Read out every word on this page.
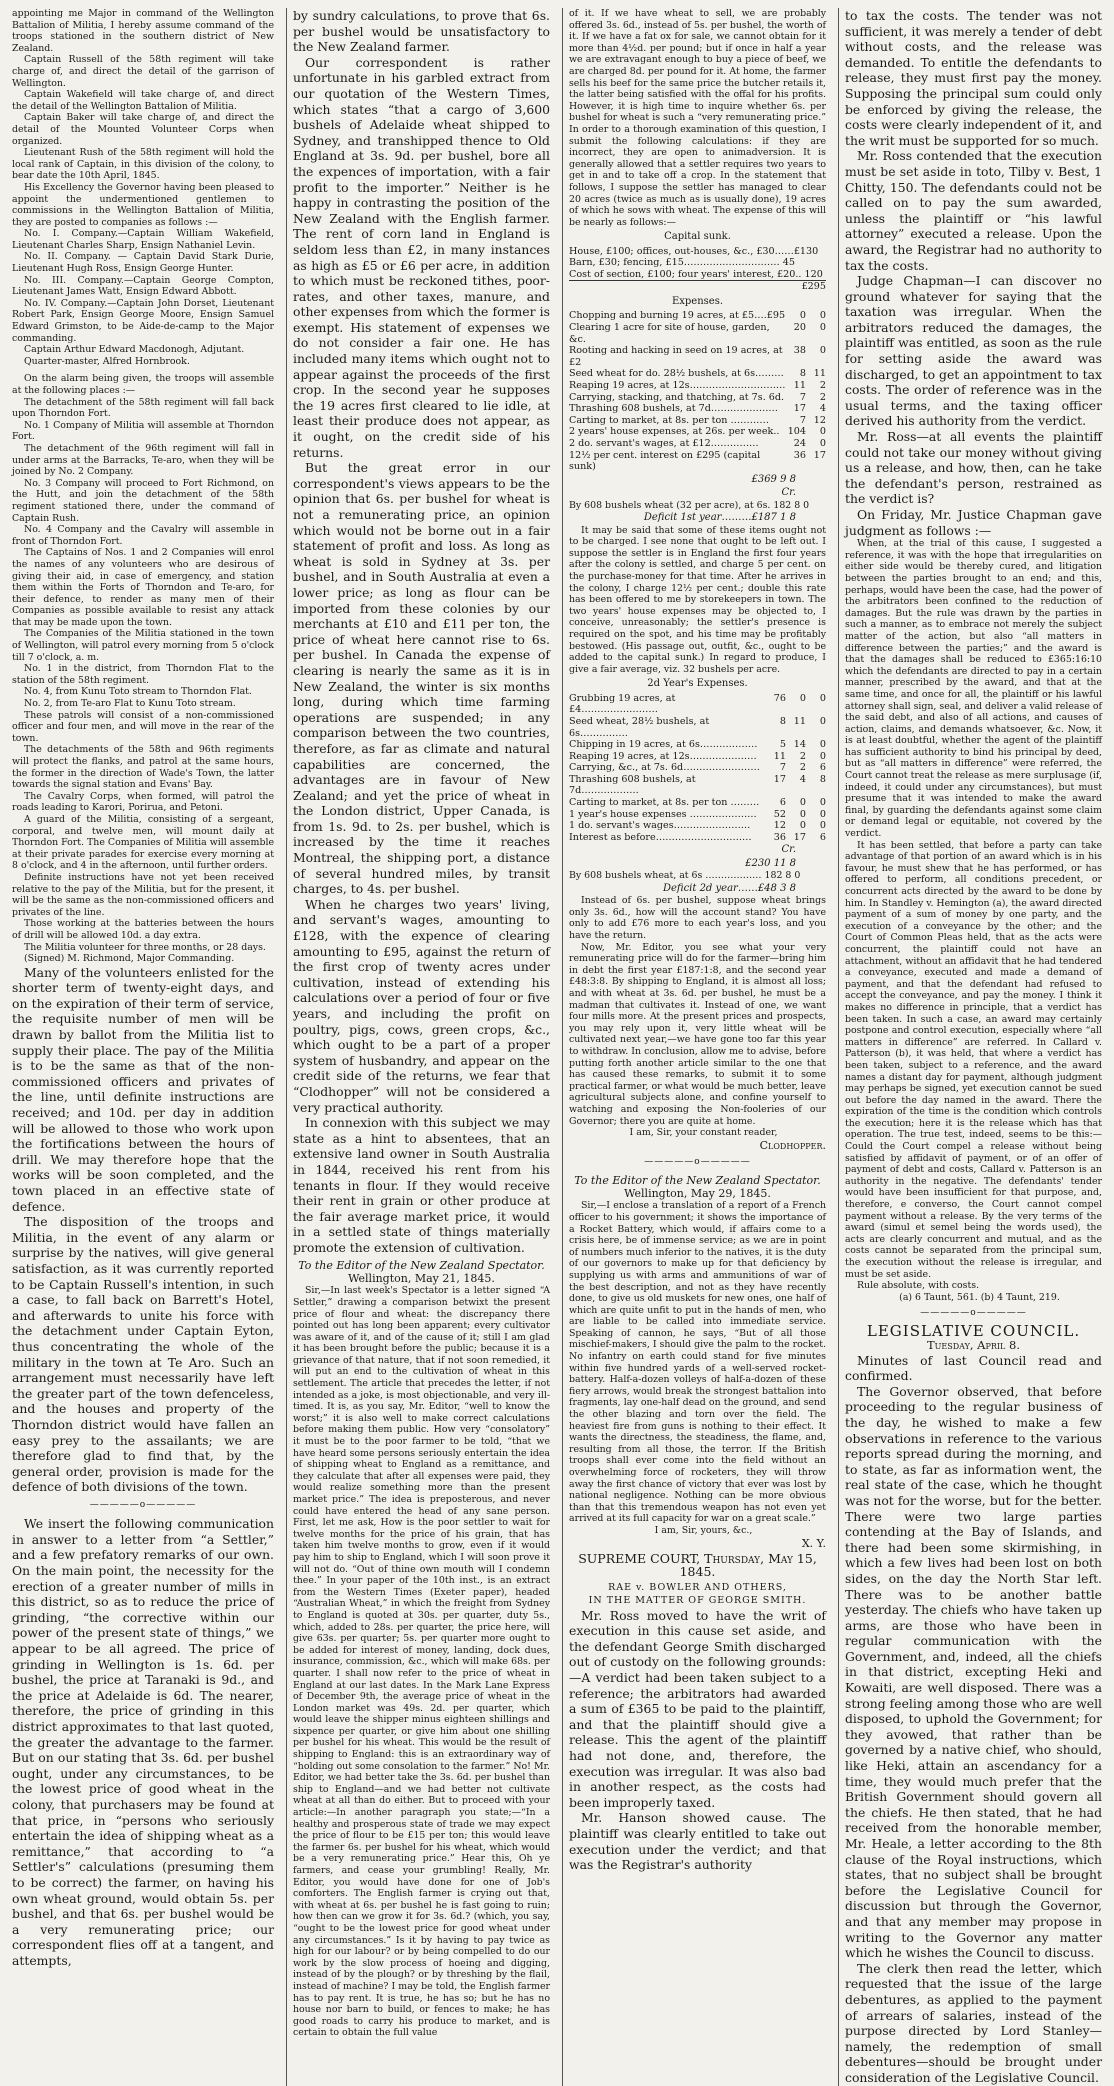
appointing me Major in command of the Wellington Battalion of Militia, I hereby assume command of the troops stationed in the southern district of New Zealand.

Captain Russell of the 58th regiment will take charge of, and direct the detail of the garrison of Wellington.

Captain Wakefield will take charge of, and direct the detail of the Wellington Battalion of Militia.

Captain Baker will take charge of, and direct the detail of the Mounted Volunteer Corps when organized.

Lieutenant Rush of the 58th regiment will hold the local rank of Captain, in this division of the colony, to bear date the 10th April, 1845.

His Excellency the Governor having been pleased to appoint the undermentioned gentlemen to commissions in the Wellington Battalion of Militia, they are posted to companies as follows :—

No. I. Company.—Captain William Wakefield, Lieutenant Charles Sharp, Ensign Nathaniel Levin.

No. II. Company. — Captain David Stark Durie, Lieutenant Hugh Ross, Ensign George Hunter.

No. III. Company.—Captain George Compton, Lieutenant James Watt, Ensign Edward Abbott.

No. IV. Company.—Captain John Dorset, Lieutenant Robert Park, Ensign George Moore, Ensign Samuel Edward Grimston, to be Aide-de-camp to the Major commanding.

Captain Arthur Edward Macdonogh, Adjutant.

Quarter-master, Alfred Hornbrook.

On the alarm being given, the troops will assemble at the following places :—

The detachment of the 58th regiment will fall back upon Thorndon Fort.

No. 1 Company of Militia will assemble at Thorndon Fort.

The detachment of the 96th regiment will fall in under arms at the Barracks, Te-aro, when they will be joined by No. 2 Company.

No. 3 Company will proceed to Fort Richmond, on the Hutt, and join the detachment of the 58th regiment stationed there, under the command of Captain Rush.

No. 4 Company and the Cavalry will assemble in front of Thorndon Fort.

The Captains of Nos. 1 and 2 Companies will enrol the names of any volunteers who are desirous of giving their aid, in case of emergency, and station them within the Forts of Thorndon and Te-aro, for their defence, to render as many men of their Companies as possible available to resist any attack that may be made upon the town.

The Companies of the Militia stationed in the town of Wellington, will patrol every morning from 5 o'clock till 7 o'clock, a. m.

No. 1 in the district, from Thorndon Flat to the station of the 58th regiment.

No. 4, from Kunu Toto stream to Thorndon Flat.

No. 2, from Te-aro Flat to Kunu Toto stream.

These patrols will consist of a non-commissioned officer and four men, and will move in the rear of the town.

The detachments of the 58th and 96th regiments will protect the flanks, and patrol at the same hours, the former in the direction of Wade's Town, the latter towards the signal station and Evans' Bay.

The Cavalry Corps, when formed, will patrol the roads leading to Karori, Porirua, and Petoni.

A guard of the Militia, consisting of a sergeant, corporal, and twelve men, will mount daily at Thorndon Fort. The Companies of Militia will assemble at their private parades for exercise every morning at 8 o'clock, and 4 in the afternoon, until further orders.

Definite instructions have not yet been received relative to the pay of the Militia, but for the present, it will be the same as the non-commissioned officers and privates of the line.

Those working at the batteries between the hours of drill will be allowed 10d. a day extra.

The Militia volunteer for three months, or 28 days.

(Signed) M. Richmond, Major Commanding.

Many of the volunteers enlisted for the shorter term of twenty-eight days, and on the expiration of their term of service, the requisite number of men will be drawn by ballot from the Militia list to supply their place. The pay of the Militia is to be the same as that of the non-commissioned officers and privates of the line, until definite instructions are received; and 10d. per day in addition will be allowed to those who work upon the fortifications between the hours of drill. We may therefore hope that the works will be soon completed, and the town placed in an effective state of defence.

The disposition of the troops and Militia, in the event of any alarm or surprise by the natives, will give general satisfaction, as it was currently reported to be Captain Russell's intention, in such a case, to fall back on Barrett's Hotel, and afterwards to unite his force with the detachment under Captain Eyton, thus concentrating the whole of the military in the town at Te Aro. Such an arrangement must necessarily have left the greater part of the town defenceless, and the houses and property of the Thorndon district would have fallen an easy prey to the assailants; we are therefore glad to find that, by the general order, provision is made for the defence of both divisions of the town.

—————o—————

We insert the following communication in answer to a letter from “a Settler,” and a few prefatory remarks of our own. On the main point, the necessity for the erection of a greater number of mills in this district, so as to reduce the price of grinding, “the corrective within our power of the present state of things,” we appear to be all agreed. The price of grinding in Wellington is 1s. 6d. per bushel, the price at Taranaki is 9d., and the price at Adelaide is 6d. The nearer, therefore, the price of grinding in this district approximates to that last quoted, the greater the advantage to the farmer. But on our stating that 3s. 6d. per bushel ought, under any circumstances, to be the lowest price of good wheat in the colony, that purchasers may be found at that price, in “persons who seriously entertain the idea of shipping wheat as a remittance,” that according to “a Settler's” calculations (presuming them to be correct) the farmer, on having his own wheat ground, would obtain 5s. per bushel, and that 6s. per bushel would be a very remunerating price; our correspondent flies off at a tangent, and attempts,

by sundry calculations, to prove that 6s. per bushel would be unsatisfactory to the New Zealand farmer.

Our correspondent is rather unfortunate in his garbled extract from our quotation of the Western Times, which states “that a cargo of 3,600 bushels of Adelaide wheat shipped to Sydney, and transhipped thence to Old England at 3s. 9d. per bushel, bore all the expences of importation, with a fair profit to the importer.” Neither is he happy in contrasting the position of the New Zealand with the English farmer. The rent of corn land in England is seldom less than £2, in many instances as high as £5 or £6 per acre, in addition to which must be reckoned tithes, poor-rates, and other taxes, manure, and other expenses from which the former is exempt. His statement of expenses we do not consider a fair one. He has included many items which ought not to appear against the proceeds of the first crop. In the second year he supposes the 19 acres first cleared to lie idle, at least their produce does not appear, as it ought, on the credit side of his returns.

But the great error in our correspondent's views appears to be the opinion that 6s. per bushel for wheat is not a remunerating price, an opinion which would not be borne out in a fair statement of profit and loss. As long as wheat is sold in Sydney at 3s. per bushel, and in South Australia at even a lower price; as long as flour can be imported from these colonies by our merchants at £10 and £11 per ton, the price of wheat here cannot rise to 6s. per bushel. In Canada the expense of clearing is nearly the same as it is in New Zealand, the winter is six months long, during which time farming operations are suspended; in any comparison between the two countries, therefore, as far as climate and natural capabilities are concerned, the advantages are in favour of New Zealand; and yet the price of wheat in the London district, Upper Canada, is from 1s. 9d. to 2s. per bushel, which is increased by the time it reaches Montreal, the shipping port, a distance of several hundred miles, by transit charges, to 4s. per bushel.

When he charges two years' living, and servant's wages, amounting to £128, with the expence of clearing amounting to £95, against the return of the first crop of twenty acres under cultivation, instead of extending his calculations over a period of four or five years, and including the profit on poultry, pigs, cows, green crops, &c., which ought to be a part of a proper system of husbandry, and appear on the credit side of the returns, we fear that “Clodhopper” will not be considered a very practical authority.

In connexion with this subject we may state as a hint to absentees, that an extensive land owner in South Australia in 1844, received his rent from his tenants in flour. If they would receive their rent in grain or other produce at the fair average market price, it would in a settled state of things materially promote the extension of cultivation.

To the Editor of the New Zealand Spectator.

Wellington, May 21, 1845.

Sir,—In last week's Spectator is a letter signed “A Settler,” drawing a comparison betwixt the present price of flour and wheat: the discrepancy there pointed out has long been apparent; every cultivator was aware of it, and of the cause of it; still I am glad it has been brought before the public; because it is a grievance of that nature, that if not soon remedied, it will put an end to the cultivation of wheat in this settlement. The article that precedes the letter, if not intended as a joke, is most objectionable, and very ill-timed. It is, as you say, Mr. Editor, “well to know the worst;” it is also well to make correct calculations before making them public. How very “consolatory” it must be to the poor farmer to be told, “that we have heard some persons seriously entertain the idea of shipping wheat to England as a remittance, and they calculate that after all expenses were paid, they would realize something more than the present market price.” The idea is preposterous, and never could have entered the head of any sane person. First, let me ask, How is the poor settler to wait for twelve months for the price of his grain, that has taken him twelve months to grow, even if it would pay him to ship to England, which I will soon prove it will not do. “Out of thine own mouth will I condemn thee.” In your paper of the 10th inst., is an extract from the Western Times (Exeter paper), headed “Australian Wheat,” in which the freight from Sydney to England is quoted at 30s. per quarter, duty 5s., which, added to 28s. per quarter, the price here, will give 63s. per quarter; 5s. per quarter more ought to be added for interest of money, landing, dock dues, insurance, commission, &c., which will make 68s. per quarter. I shall now refer to the price of wheat in England at our last dates. In the Mark Lane Express of December 9th, the average price of wheat in the London market was 49s. 2d. per quarter, which would leave the shipper minus eighteen shillings and sixpence per quarter, or give him about one shilling per bushel for his wheat. This would be the result of shipping to England: this is an extraordinary way of “holding out some consolation to the farmer.” No! Mr. Editor, we had better take the 3s. 6d. per bushel than ship to England—and we had better not cultivate wheat at all than do either. But to proceed with your article:—In another paragraph you state;—“In a healthy and prosperous state of trade we may expect the price of flour to be £15 per ton; this would leave the farmer 6s. per bushel for his wheat, which would be a very remunerating price.” Hear this, Oh ye farmers, and cease your grumbling! Really, Mr. Editor, you would have done for one of Job's comforters. The English farmer is crying out that, with wheat at 6s. per bushel he is fast going to ruin; how then can we grow it for 3s. 6d.? (which, you say, “ought to be the lowest price for good wheat under any circumstances.” Is it by having to pay twice as high for our labour? or by being compelled to do our work by the slow process of hoeing and digging, instead of by the plough? or by threshing by the flail, instead of machine? I may be told, the English farmer has to pay rent. It is true, he has so; but he has no house nor barn to build, or fences to make; he has good roads to carry his produce to market, and is certain to obtain the full value

of it. If we have wheat to sell, we are probably offered 3s. 6d., instead of 5s. per bushel, the worth of it. If we have a fat ox for sale, we cannot obtain for it more than 4½d. per pound; but if once in half a year we are extravagant enough to buy a piece of beef, we are charged 8d. per pound for it. At home, the farmer sells his beef for the same price the butcher retails it, the latter being satisfied with the offal for his profits. However, it is high time to inquire whether 6s. per bushel for wheat is such a “very remunerating price.” In order to a thorough examination of this question, I submit the following calculations: if they are incorrect, they are open to animadversion. It is generally allowed that a settler requires two years to get in and to take off a crop. In the statement that follows, I suppose the settler has managed to clear 20 acres (twice as much as is usually done), 19 acres of which he sows with wheat. The expense of this will be nearly as follows:—

Capital sunk.
House, £100; offices, out-houses, &c., £30……£130
Barn, £30; fencing, £15………………………… 45
Cost of section, £100; four years' interest, £20.. 120
£295
Expenses.
Chopping and burning 19 acres, at £5….£95	0	0
Clearing 1 acre for site of house, garden, &c.	20	0
Rooting and hacking in seed on 19 acres, at £2	38	0
Seed wheat for do. 28½ bushels, at 6s………	8	11
Reaping 19 acres, at 12s…………………………	11	2
Carrying, stacking, and thatching, at 7s. 6d.	7	2
Thrashing 608 bushels, at 7d…………………	17	4
Carting to market, at 8s. per ton …………	7	12
2 years' house expenses, at 26s. per week..	104	0
2 do. servant's wages, at £12……………	24	0
12½ per cent. interest on £295 (capital sunk)	36	17
£369 9 8
Cr.

By 608 bushels wheat (32 per acre), at 6s. 182 8 0

Deficit 1st year………£187 1 8

It may be said that some of these items ought not to be charged. I see none that ought to be left out. I suppose the settler is in England the first four years after the colony is settled, and charge 5 per cent. on the purchase-money for that time. After he arrives in the colony, I charge 12½ per cent.; double this rate has been offered to me by storekeepers in town. The two years' house expenses may be objected to, I conceive, unreasonably; the settler's presence is required on the spot, and his time may be profitably bestowed. (His passage out, outfit, &c., ought to be added to the capital sunk.) In regard to produce, I give a fair average, viz. 32 bushels per acre.

2d Year's Expenses.
Grubbing 19 acres, at £4……………………	76	0	0
Seed wheat, 28½ bushels, at 6s……………	8	11	0
Chipping in 19 acres, at 6s………………	5	14	0
Reaping 19 acres, at 12s…………………	11	2	0
Carrying, &c., at 7s. 6d……………………	7	2	6
Thrashing 608 bushels, at 7d………………	17	4	8
Carting to market, at 8s. per ton ………	6	0	0
1 year's house expenses …………………	52	0	0
1 do. servant's wages……………………	12	0	0
Interest as before…………………………	36	17	6
Cr.
£230 11 8

By 608 bushels wheat, at 6s ……………… 182 8 0

Deficit 2d year……£48 3 8

Instead of 6s. per bushel, suppose wheat brings only 3s. 6d., how will the account stand? You have only to add £76 more to each year's loss, and you have the return.

Now, Mr. Editor, you see what your very remunerating price will do for the farmer—bring him in debt the first year £187:1:8, and the second year £48:3:8. By shipping to England, it is almost all loss; and with wheat at 3s. 6d. per bushel, he must be a madman that cultivates it. Instead of one, we want four mills more. At the present prices and prospects, you may rely upon it, very little wheat will be cultivated next year,—we have gone too far this year to withdraw. In conclusion, allow me to advise, before putting forth another article similar to the one that has caused these remarks, to submit it to some practical farmer, or what would be much better, leave agricultural subjects alone, and confine yourself to watching and exposing the Non-fooleries of our Governor; there you are quite at home.

I am, Sir, your constant reader,

Clodhopper.

—————o—————

To the Editor of the New Zealand Spectator.

Wellington, May 29, 1845.

Sir,—I enclose a translation of a report of a French officer to his government; it shows the importance of a Rocket Battery, which would, if affairs come to a crisis here, be of immense service; as we are in point of numbers much inferior to the natives, it is the duty of our governors to make up for that deficiency by supplying us with arms and ammunitions of war of the best description, and not as they have recently done, to give us old muskets for new ones, one half of which are quite unfit to put in the hands of men, who are liable to be called into immediate service. Speaking of cannon, he says, “But of all those mischief-makers, I should give the palm to the rocket. No infantry on earth could stand for five minutes within five hundred yards of a well-served rocket-battery. Half-a-dozen volleys of half-a-dozen of these fiery arrows, would break the strongest battalion into fragments, lay one-half dead on the ground, and send the other blazing and torn over the field. The heaviest fire from guns is nothing to their effect. It wants the directness, the steadiness, the flame, and, resulting from all those, the terror. If the British troops shall ever come into the field without an overwhelming force of rocketers, they will throw away the first chance of victory that ever was lost by national negligence. Nothing can be more obvious than that this tremendous weapon has not even yet arrived at its full capacity for war on a great scale.”

I am, Sir, yours, &c.,

X. Y.

SUPREME COURT, Thursday, May 15, 1845.
RAE v. BOWLER AND OTHERS,
IN THE MATTER OF GEORGE SMITH.

Mr. Ross moved to have the writ of execution in this cause set aside, and the defendant George Smith discharged out of custody on the following grounds:—A verdict had been taken subject to a reference; the arbitrators had awarded a sum of £365 to be paid to the plaintiff, and that the plaintiff should give a release. This the agent of the plaintiff had not done, and, therefore, the execution was irregular. It was also bad in another respect, as the costs had been improperly taxed.

Mr. Hanson showed cause. The plaintiff was clearly entitled to take out execution under the verdict; and that was the Registrar's authority

to tax the costs. The tender was not sufficient, it was merely a tender of debt without costs, and the release was demanded. To entitle the defendants to release, they must first pay the money. Supposing the principal sum could only be enforced by giving the release, the costs were clearly independent of it, and the writ must be supported for so much.

Mr. Ross contended that the execution must be set aside in toto, Tilby v. Best, 1 Chitty, 150. The defendants could not be called on to pay the sum awarded, unless the plaintiff or “his lawful attorney” executed a release. Upon the award, the Registrar had no authority to tax the costs.

Judge Chapman—I can discover no ground whatever for saying that the taxation was irregular. When the arbitrators reduced the damages, the plaintiff was entitled, as soon as the rule for setting aside the award was discharged, to get an appointment to tax costs. The order of reference was in the usual terms, and the taxing officer derived his authority from the verdict.

Mr. Ross—at all events the plaintiff could not take our money without giving us a release, and how, then, can he take the defendant's person, restrained as the verdict is?

On Friday, Mr. Justice Chapman gave judgment as follows :—

When, at the trial of this cause, I suggested a reference, it was with the hope that irregularities on either side would be thereby cured, and litigation between the parties brought to an end; and this, perhaps, would have been the case, had the power of the arbitrators been confined to the reduction of damages. But the rule was drawn by the parties in such a manner, as to embrace not merely the subject matter of the action, but also “all matters in difference between the parties;” and the award is that the damages shall be reduced to £365:16:10 which the defendants are directed to pay in a certain manner, prescribed by the award, and that at the same time, and once for all, the plaintiff or his lawful attorney shall sign, seal, and deliver a valid release of the said debt, and also of all actions, and causes of action, claims, and demands whatsoever, &c. Now, it is at least doubtful, whether the agent of the plaintiff has sufficient authority to bind his principal by deed, but as “all matters in difference” were referred, the Court cannot treat the release as mere surplusage (if, indeed, it could under any circumstances), but must presume that it was intended to make the award final, by guarding the defendants against some claim or demand legal or equitable, not covered by the verdict.

It has been settled, that before a party can take advantage of that portion of an award which is in his favour, he must shew that he has performed, or has offered to perform, all conditions precedent, or concurrent acts directed by the award to be done by him. In Standley v. Hemington (a), the award directed payment of a sum of money by one party, and the execution of a conveyance by the other; and the Court of Common Pleas held, that as the acts were concurrent, the plaintiff could not have an attachment, without an affidavit that he had tendered a conveyance, executed and made a demand of payment, and that the defendant had refused to accept the conveyance, and pay the money. I think it makes no difference in principle, that a verdict has been taken. In such a case, an award may certainly postpone and control execution, especially where “all matters in difference” are referred. In Callard v. Patterson (b), it was held, that where a verdict has been taken, subject to a reference, and the award names a distant day for payment, although judgment may perhaps be signed, yet execution cannot be sued out before the day named in the award. There the expiration of the time is the condition which controls the execution; here it is the release which has that operation. The true test, indeed, seems to be this:—Could the Court compel a release without being satisfied by affidavit of payment, or of an offer of payment of debt and costs, Callard v. Patterson is an authority in the negative. The defendants' tender would have been insufficient for that purpose, and, therefore, e converso, the Court cannot compel payment without a release. By the very terms of the award (simul et semel being the words used), the acts are clearly concurrent and mutual, and as the costs cannot be separated from the principal sum, the execution without the release is irregular, and must be set aside.

Rule absolute, with costs.

(a) 6 Taunt, 561. (b) 4 Taunt, 219.

—————o—————
LEGISLATIVE COUNCIL.
Tuesday, April 8.

Minutes of last Council read and confirmed.

The Governor observed, that before proceeding to the regular business of the day, he wished to make a few observations in reference to the various reports spread during the morning, and to state, as far as information went, the real state of the case, which he thought was not for the worse, but for the better. There were two large parties contending at the Bay of Islands, and there had been some skirmishing, in which a few lives had been lost on both sides, on the day the North Star left. There was to be another battle yesterday. The chiefs who have taken up arms, are those who have been in regular communication with the Government, and, indeed, all the chiefs in that district, excepting Heki and Kowaiti, are well disposed. There was a strong feeling among those who are well disposed, to uphold the Government; for they avowed, that rather than be governed by a native chief, who should, like Heki, attain an ascendancy for a time, they would much prefer that the British Government should govern all the chiefs. He then stated, that he had received from the honorable member, Mr. Heale, a letter according to the 8th clause of the Royal instructions, which states, that no subject shall be brought before the Legislative Council for discussion but through the Governor, and that any member may propose in writing to the Governor any matter which he wishes the Council to discuss.

The clerk then read the letter, which requested that the issue of the large debentures, as applied to the payment of arrears of salaries, instead of the purpose directed by Lord Stanley—namely, the redemption of small debentures—should be brought under consideration of the Legislative Council.
